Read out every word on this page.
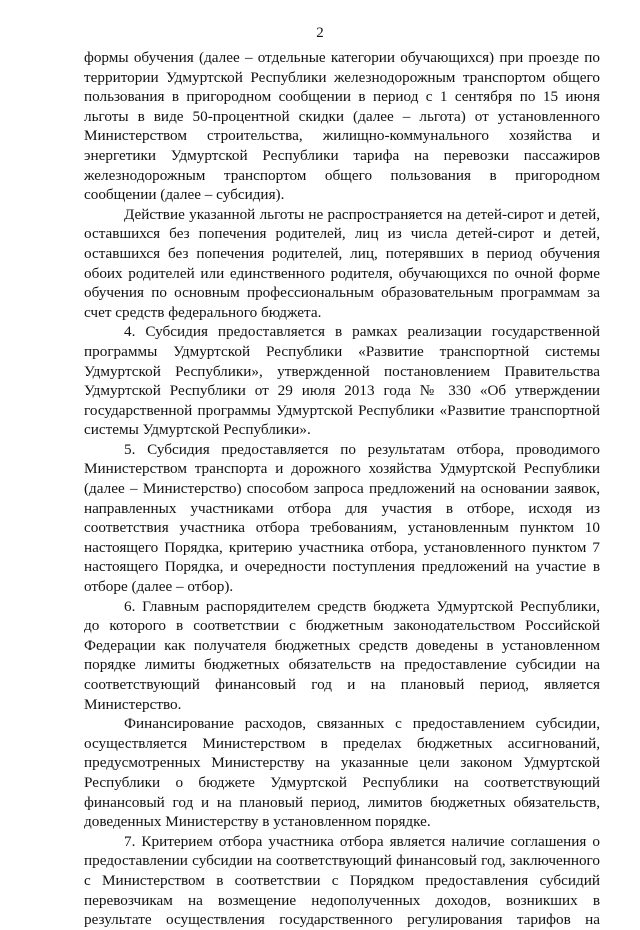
2

формы обучения (далее – отдельные категории обучающихся) при проезде по территории Удмуртской Республики железнодорожным транспортом общего пользования в пригородном сообщении в период с 1 сентября по 15 июня льготы в виде 50-процентной скидки (далее – льгота) от установленного Министерством строительства, жилищно-коммунального хозяйства и энергетики Удмуртской Республики тарифа на перевозки пассажиров железнодорожным транспортом общего пользования в пригородном сообщении (далее – субсидия).

Действие указанной льготы не распространяется на детей-сирот и детей, оставшихся без попечения родителей, лиц из числа детей-сирот и детей, оставшихся без попечения родителей, лиц, потерявших в период обучения обоих родителей или единственного родителя, обучающихся по очной форме обучения по основным профессиональным образовательным программам за счет средств федерального бюджета.

4. Субсидия предоставляется в рамках реализации государственной программы Удмуртской Республики «Развитие транспортной системы Удмуртской Республики», утвержденной постановлением Правительства Удмуртской Республики от 29 июля 2013 года № 330 «Об утверждении государственной программы Удмуртской Республики «Развитие транспортной системы Удмуртской Республики».

5. Субсидия предоставляется по результатам отбора, проводимого Министерством транспорта и дорожного хозяйства Удмуртской Республики (далее – Министерство) способом запроса предложений на основании заявок, направленных участниками отбора для участия в отборе, исходя из соответствия участника отбора требованиям, установленным пунктом 10 настоящего Порядка, критерию участника отбора, установленного пунктом 7 настоящего Порядка, и очередности поступления предложений на участие в отборе (далее – отбор).

6. Главным распорядителем средств бюджета Удмуртской Республики, до которого в соответствии с бюджетным законодательством Российской Федерации как получателя бюджетных средств доведены в установленном порядке лимиты бюджетных обязательств на предоставление субсидии на соответствующий финансовый год и на плановый период, является Министерство.

Финансирование расходов, связанных с предоставлением субсидии, осуществляется Министерством в пределах бюджетных ассигнований, предусмотренных Министерству на указанные цели законом Удмуртской Республики о бюджете Удмуртской Республики на соответствующий финансовый год и на плановый период, лимитов бюджетных обязательств, доведенных Министерству в установленном порядке.

7. Критерием отбора участника отбора является наличие соглашения о предоставлении субсидии на соответствующий финансовый год, заключенного с Министерством в соответствии с Порядком предоставления субсидий перевозчикам на возмещение недополученных доходов, возникших в результате осуществления государственного регулирования тарифов на
